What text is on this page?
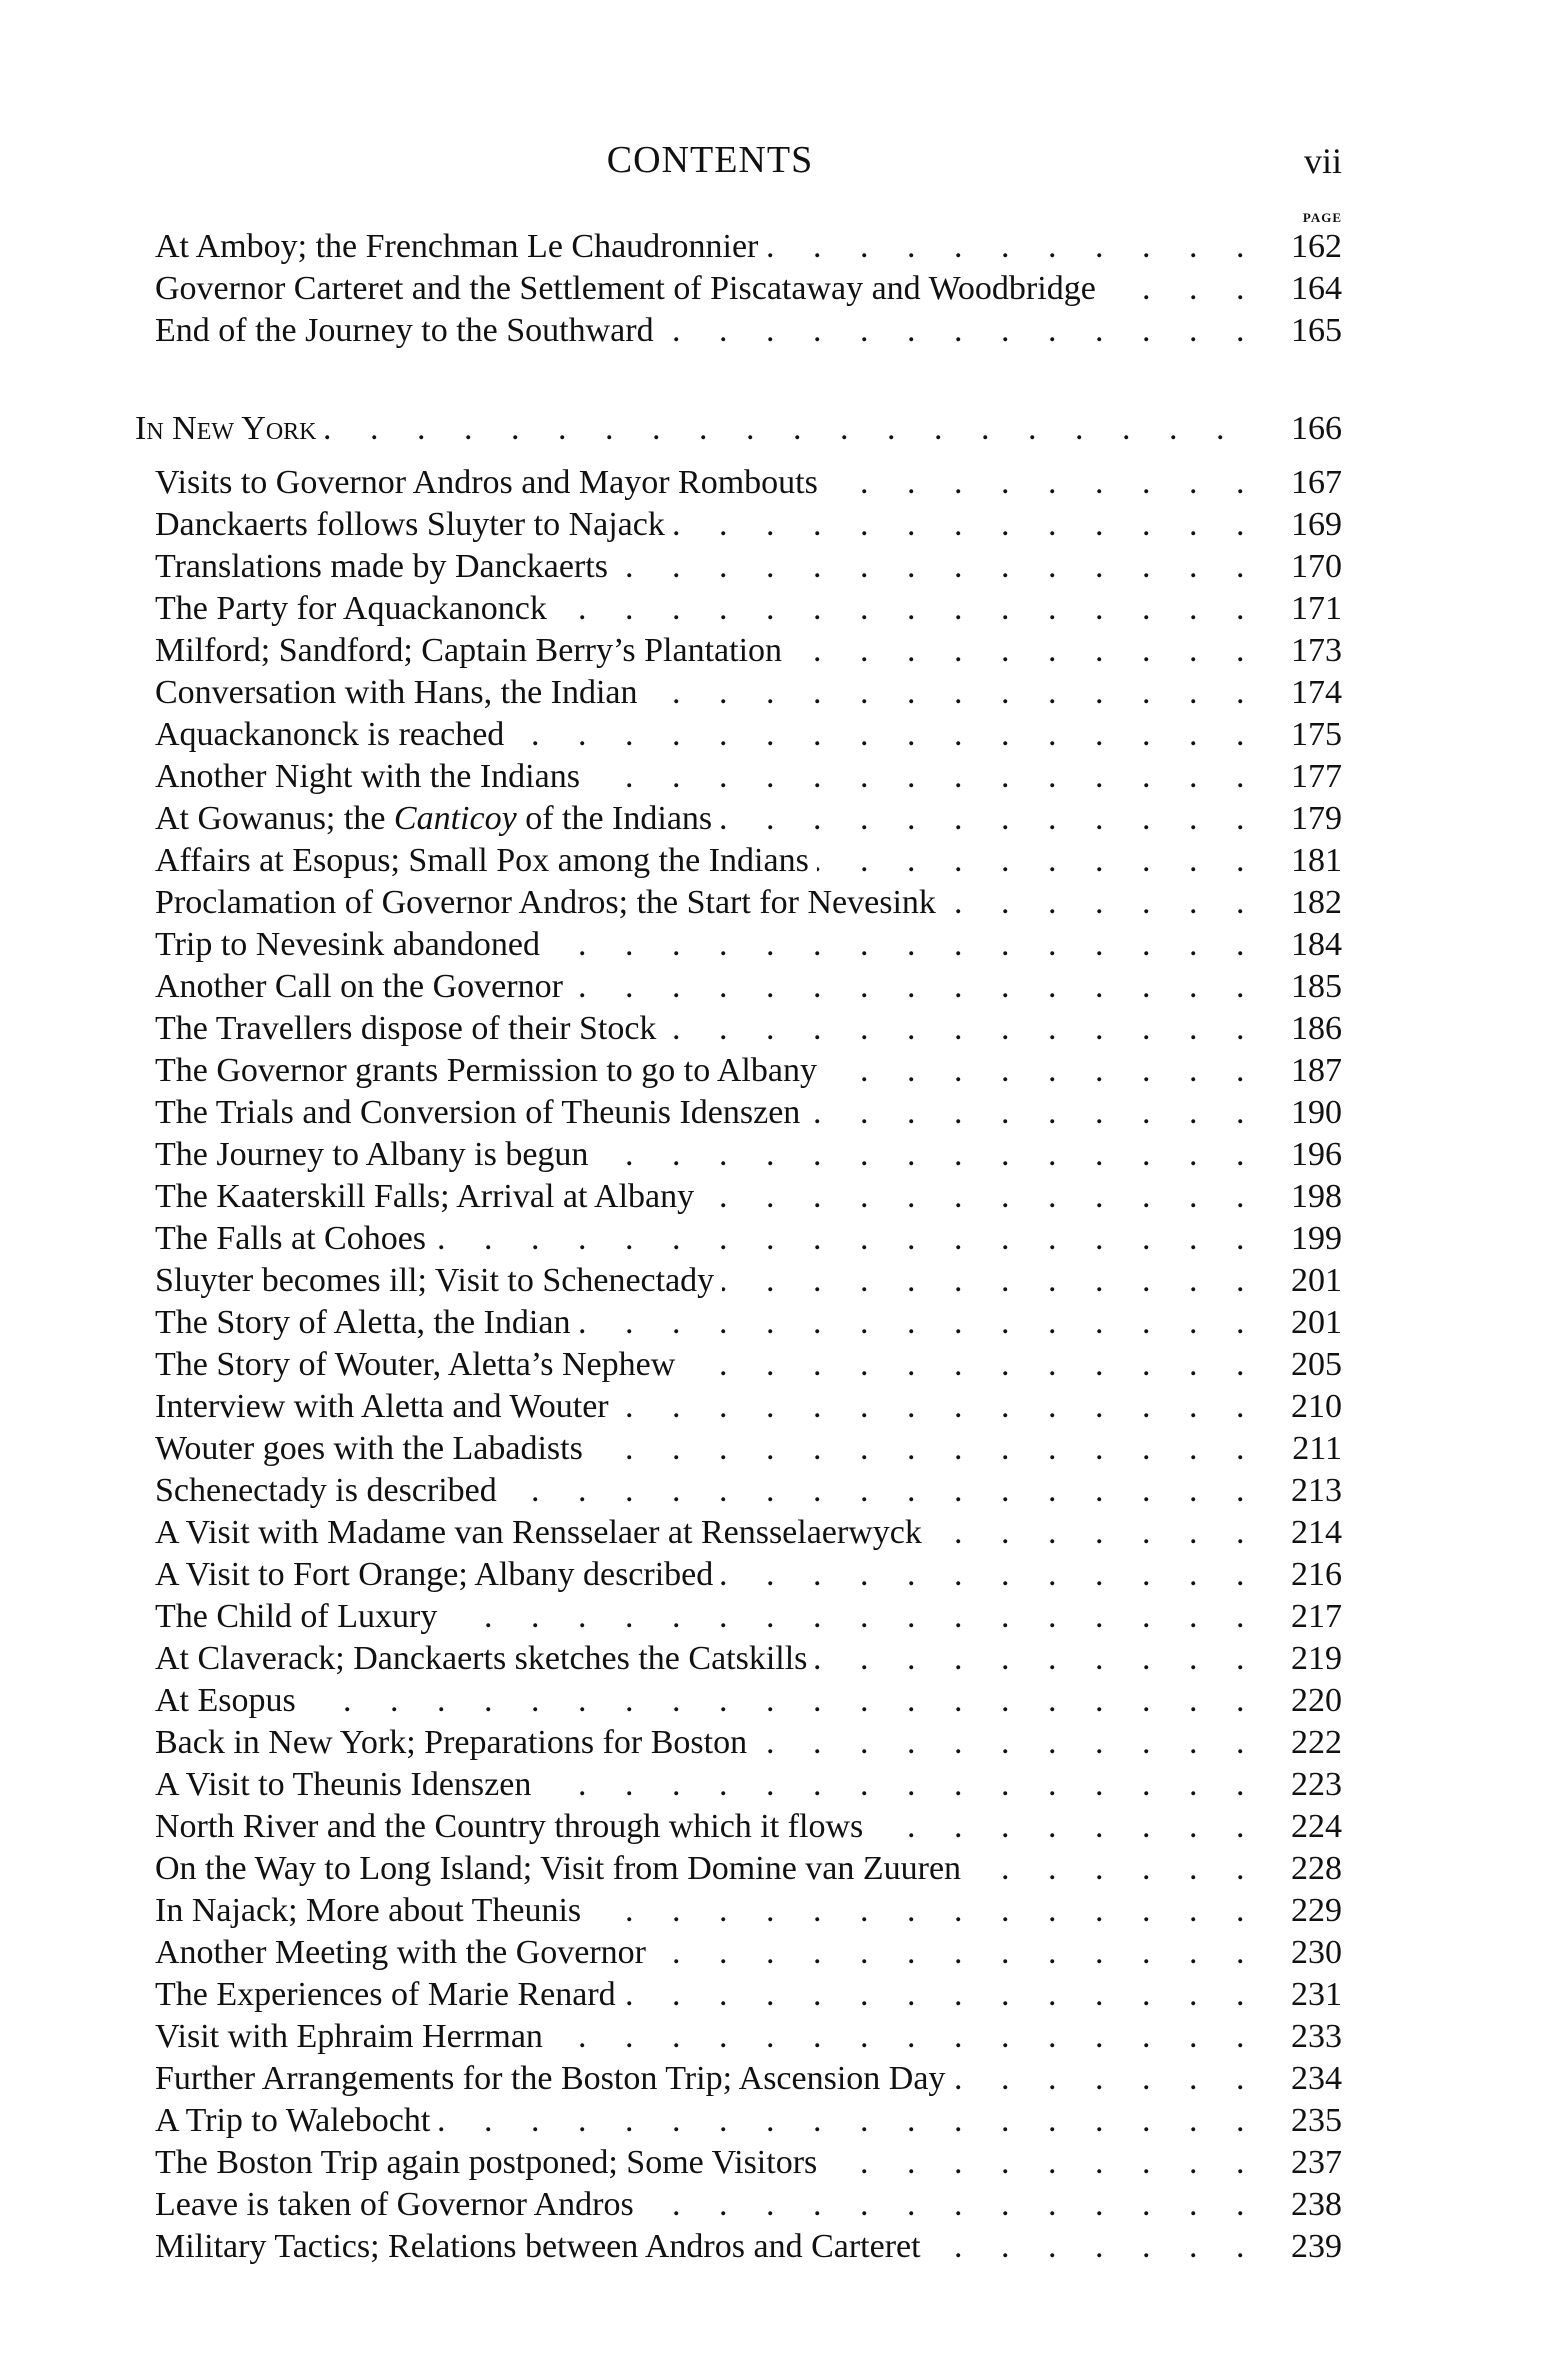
CONTENTS	vii
PAGE
At Amboy; the Frenchman Le Chaudronnier . . .	162
Governor Carteret and the Settlement of Piscataway and Woodbridge . . .	164
End of the Journey to the Southward . . .	165
In New York . . .	166
Visits to Governor Andros and Mayor Rombouts . . .	167
Danckaerts follows Sluyter to Najack . . .	169
Translations made by Danckaerts . . .	170
The Party for Aquackanonck . . .	171
Milford; Sandford; Captain Berry’s Plantation . . .	173
Conversation with Hans, the Indian . . .	174
Aquackanonck is reached . . .	175
Another Night with the Indians . . .	177
At Gowanus; the Canticoy of the Indians . . .	179
Affairs at Esopus; Small Pox among the Indians . . .	181
Proclamation of Governor Andros; the Start for Nevesink . . .	182
Trip to Nevesink abandoned . . .	184
Another Call on the Governor . . .	185
The Travellers dispose of their Stock . . .	186
The Governor grants Permission to go to Albany . . .	187
The Trials and Conversion of Theunis Idenszen . . .	190
The Journey to Albany is begun . . .	196
The Kaaterskill Falls; Arrival at Albany . . .	198
The Falls at Cohoes . . .	199
Sluyter becomes ill; Visit to Schenectady . . .	201
The Story of Aletta, the Indian . . .	201
The Story of Wouter, Aletta’s Nephew . . .	205
Interview with Aletta and Wouter . . .	210
Wouter goes with the Labadists . . .	211
Schenectady is described . . .	213
A Visit with Madame van Rensselaer at Rensselaerwyck . . .	214
A Visit to Fort Orange; Albany described . . .	216
The Child of Luxury . . .	217
At Claverack; Danckaerts sketches the Catskills . . .	219
At Esopus . . .	220
Back in New York; Preparations for Boston . . .	222
A Visit to Theunis Idenszen . . .	223
North River and the Country through which it flows . . .	224
On the Way to Long Island; Visit from Domine van Zuuren . . .	228
In Najack; More about Theunis . . .	229
Another Meeting with the Governor . . .	230
The Experiences of Marie Renard . . .	231
Visit with Ephraim Herrman . . .	233
Further Arrangements for the Boston Trip; Ascension Day . . .	234
A Trip to Walebocht . . .	235
The Boston Trip again postponed; Some Visitors . . .	237
Leave is taken of Governor Andros . . .	238
Military Tactics; Relations between Andros and Carteret . . .	239
